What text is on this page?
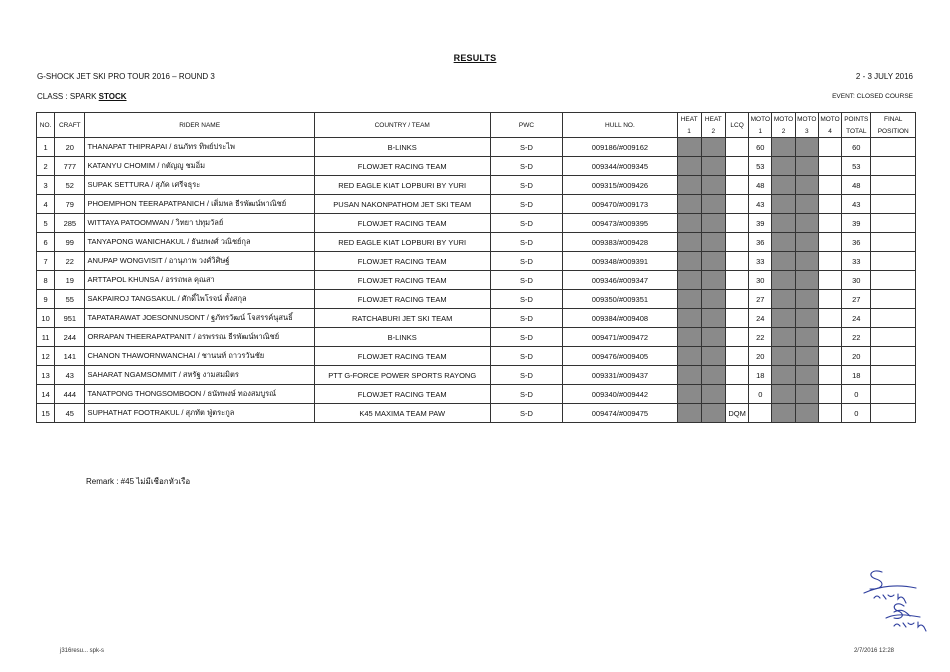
RESULTS
G-SHOCK JET SKI PRO TOUR 2016 – ROUND 3	2 - 3 JULY 2016
CLASS : SPARK STOCK	EVENT: CLOSED COURSE
NO.	CRAFT	RIDER NAME	COUNTRY / TEAM	PWC	HULL NO.	HEAT	HEAT	LCQ	MOTO	MOTO	MOTO	MOTO	POINTS	FINAL
						1	2		1	2	3	4	TOTAL	POSITION
1	20	THANAPAT THIPRAPAI / ธนภัทร ทิพย์ประไพ	B-LINKS	S-D	009186/#009162				60				60	
2	777	KATANYU CHOMIM / กตัญญู ชมอิ่ม	FLOWJET RACING TEAM	S-D	009344/#009345				53				53	
3	52	SUPAK SETTURA / สุภัค เศรีจธุระ	RED EAGLE KIAT LOPBURI BY YURI	S-D	009315/#009426				48				48	
4	79	PHOEMPHON TEERAPATPANICH / เติ่มพล ธีรพัฒน์พาณิชย์	PUSAN NAKONPATHOM JET SKI TEAM	S-D	009470/#009173				43				43	
5	285	WITTAYA PATOOMWAN / วิทยา ปทุมวัลย์	FLOWJET RACING TEAM	S-D	009473/#009395				39				39	
6	99	TANYAPONG WANICHAKUL / ธันยพงศ์ วณิชย์กุล	RED EAGLE KIAT LOPBURI BY YURI	S-D	009383/#009428				36				36	
7	22	ANUPAP WONGVISIT / อานุภาพ วงศ์วิศิษฐ์	FLOWJET RACING TEAM	S-D	009348/#009391				33				33	
8	19	ARTTAPOL KHUNSA / อรรถพล คุณสา	FLOWJET RACING TEAM	S-D	009346/#009347				30				30	
9	55	SAKPAIROJ TANGSAKUL / ศักดิ์ไพโรจน์ ตั้งสกุล	FLOWJET RACING TEAM	S-D	009350/#009351				27				27	
10	951	TAPATARAWAT JOESONNUSONT / ฐภัทรวัฒน์ โจสรรค์นุสนธิ์	RATCHABURI JET SKI TEAM	S-D	009384/#009408				24				24	
11	244	ORRAPAN THEERAPATPANIT / อรพรรณ ธีรพัฒน์พาณิชย์	B-LINKS	S-D	009471/#009472				22				22	
12	141	CHANON THAWORNWANCHAI / ชานนท์ ถาวรวันชัย	FLOWJET RACING TEAM	S-D	009476/#009405				20				20	
13	43	SAHARAT NGAMSOMMIT / สหรัฐ งามสมมิตร	PTT G-FORCE POWER SPORTS RAYONG	S-D	009331/#009437				18				18	
14	444	TANATPONG THONGSOMBOON / ธนัทพงษ์ ทองสมบูรณ์	FLOWJET RACING TEAM	S-D	009340/#009442				0				0	
15	45	SUPHATHAT FOOTRAKUL / สุภทัต ฟู่ตระกูล	K45 MAXIMA TEAM PAW	S-D	009474/#009475			DQM					0	
Remark : #45 ไม่มีเชือกหัวเรือ
j316resu... spk-s	2/7/2016 12:28
